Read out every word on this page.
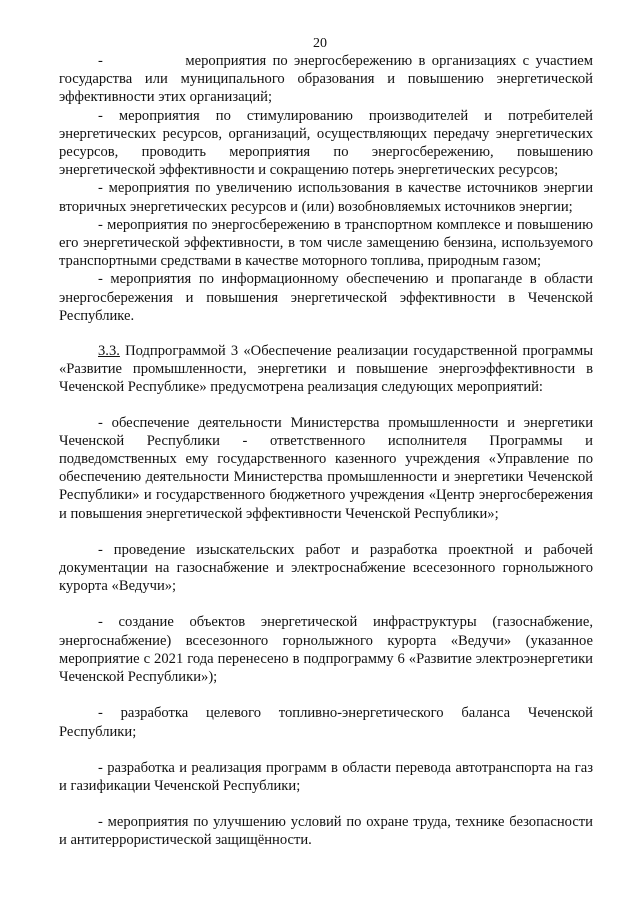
20

-             мероприятия по энергосбережению в организациях с участием государства или муниципального образования и повышению энергетической эффективности этих организаций;

- мероприятия по стимулированию производителей и потребителей энергетических ресурсов, организаций, осуществляющих передачу энергетических ресурсов, проводить мероприятия по энергосбережению, повышению энергетической эффективности и сокращению потерь энергетических ресурсов;

- мероприятия по увеличению использования в качестве источников энергии вторичных энергетических ресурсов и (или) возобновляемых источников энергии;

- мероприятия по энергосбережению в транспортном комплексе и повышению его энергетической эффективности, в том числе замещению бензина, используемого транспортными средствами в качестве моторного топлива, природным газом;

- мероприятия по информационному обеспечению и пропаганде в области энергосбережения и повышения энергетической эффективности в Чеченской Республике.

3.3. Подпрограммой 3 «Обеспечение реализации государственной программы «Развитие промышленности, энергетики и повышение энергоэффективности в Чеченской Республике» предусмотрена реализация следующих мероприятий:

- обеспечение деятельности Министерства промышленности и энергетики Чеченской Республики - ответственного исполнителя Программы и подведомственных ему государственного казенного учреждения «Управление по обеспечению деятельности Министерства промышленности и энергетики Чеченской Республики» и государственного бюджетного учреждения «Центр энергосбережения и повышения энергетической эффективности Чеченской Республики»;

- проведение изыскательских работ и разработка проектной и рабочей документации на газоснабжение и электроснабжение всесезонного горнолыжного курорта «Ведучи»;

- создание объектов энергетической инфраструктуры (газоснабжение, энергоснабжение) всесезонного горнолыжного курорта «Ведучи» (указанное мероприятие с 2021 года перенесено в подпрограмму 6 «Развитие электроэнергетики Чеченской Республики»);

- разработка целевого топливно-энергетического баланса Чеченской Республики;

- разработка и реализация программ в области перевода автотранспорта на газ и газификации Чеченской Республики;

- мероприятия по улучшению условий по охране труда, технике безопасности и антитеррористической защищённости.
